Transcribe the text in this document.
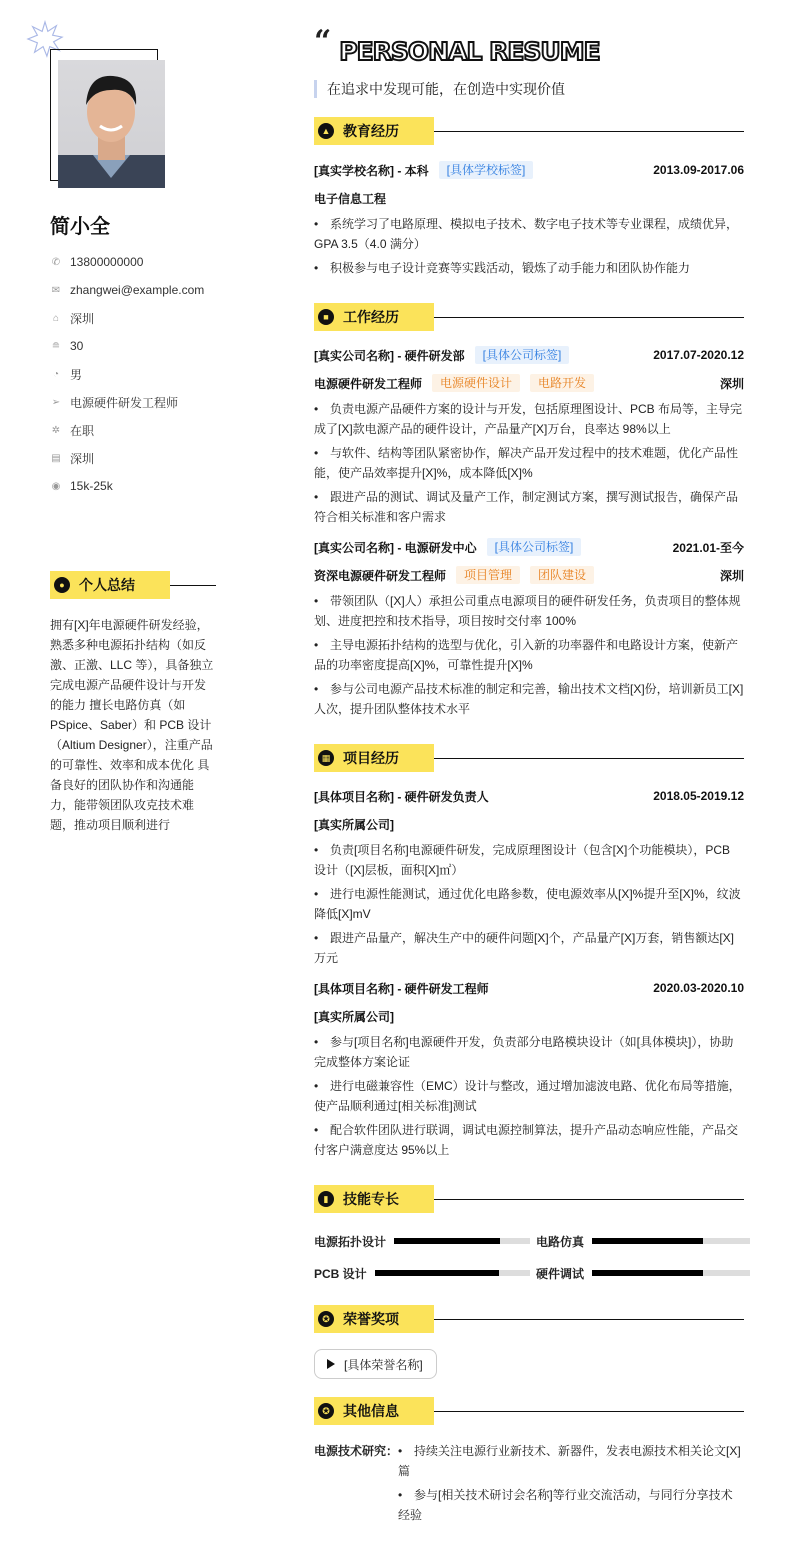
简小全
✆ 13800000000
✉ zhangwei@example.com
⌂ 深圳
≘ 30
◔ 男
➢ 电源硬件研发工程师
✲ 在职
▤ 深圳
◉ 15k-25k
●	个人总结
拥有[X]年电源硬件研发经验，熟悉多种电源拓扑结构（如反激、正激、LLC 等），具备独立完成电源产品硬件设计与开发的能力 擅长电路仿真（如 PSpice、Saber）和 PCB 设计（Altium Designer），注重产品的可靠性、效率和成本优化 具备良好的团队协作和沟通能力，能带领团队攻克技术难题，推动项目顺利进行
“ PERSONAL RESUME
在追求中发现可能，在创造中实现价值
▲ 教育经历
[真实学校名称] - 本科	[具体学校标签]	2013.09-2017.06
电子信息工程
• 系统学习了电路原理、模拟电子技术、数字电子技术等专业课程，成绩优异，GPA 3.5（4.0 满分）
• 积极参与电子设计竞赛等实践活动，锻炼了动手能力和团队协作能力
■	工作经历
[真实公司名称] - 硬件研发部	[具体公司标签]	2017.07-2020.12
电源硬件研发工程师	电源硬件设计	电路开发	深圳
• 负责电源产品硬件方案的设计与开发，包括原理图设计、PCB 布局等，主导完成了[X]款电源产品的硬件设计，产品量产[X]万台，良率达 98%以上
• 与软件、结构等团队紧密协作，解决产品开发过程中的技术难题，优化产品性能，使产品效率提升[X]%，成本降低[X]%
• 跟进产品的测试、调试及量产工作，制定测试方案，撰写测试报告，确保产品符合相关标准和客户需求
[真实公司名称] - 电源研发中心	[具体公司标签]	2021.01-至今
资深电源硬件研发工程师	项目管理	团队建设	深圳
• 带领团队（[X]人）承担公司重点电源项目的硬件研发任务，负责项目的整体规划、进度把控和技术指导，项目按时交付率 100%
• 主导电源拓扑结构的选型与优化，引入新的功率器件和电路设计方案，使新产品的功率密度提高[X]%，可靠性提升[X]%
• 参与公司电源产品技术标准的制定和完善，输出技术文档[X]份，培训新员工[X]人次，提升团队整体技术水平
▦ 项目经历
[具体项目名称] - 硬件研发负责人	2018.05-2019.12
[真实所属公司]
• 负责[项目名称]电源硬件研发，完成原理图设计（包含[X]个功能模块），PCB 设计（[X]层板，面积[X]㎡）
• 进行电源性能测试，通过优化电路参数，使电源效率从[X]%提升至[X]%，纹波降低[X]mV
• 跟进产品量产，解决生产中的硬件问题[X]个，产品量产[X]万套，销售额达[X]万元
[具体项目名称] - 硬件研发工程师	2020.03-2020.10
[真实所属公司]
• 参与[项目名称]电源硬件开发，负责部分电路模块设计（如[具体模块]），协助完成整体方案论证
• 进行电磁兼容性（EMC）设计与整改，通过增加滤波电路、优化布局等措施，使产品顺利通过[相关标准]测试
• 配合软件团队进行联调，调试电源控制算法，提升产品动态响应性能，产品交付客户满意度达 95%以上
▮	技能专长
电源拓扑设计	电路仿真
PCB 设计	硬件调试
✪ 荣誉奖项
[具体荣誉名称]
✪ 其他信息
电源技术研究：	• 持续关注电源行业新技术、新器件，发表电源技术相关论文[X]篇
• 参与[相关技术研讨会名称]等行业交流活动，与同行分享技术经验
